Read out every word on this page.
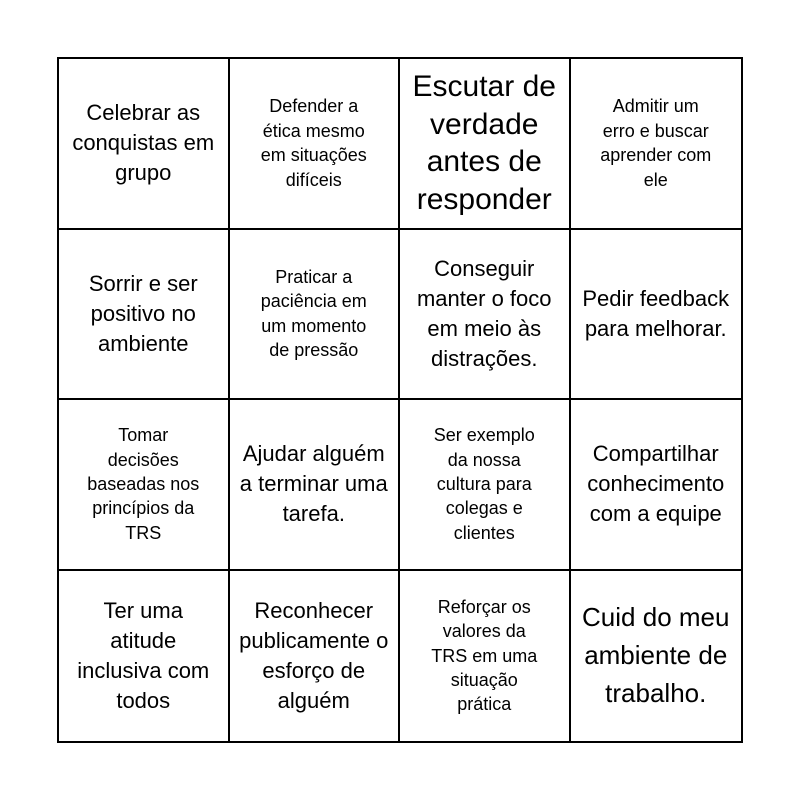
Celebrar as conquistas em grupo
Defender a ética mesmo em situações difíceis
Escutar de verdade antes de responder
Admitir um erro e buscar aprender com ele
Sorrir e ser positivo no ambiente
Praticar a paciência em um momento de pressão
Conseguir manter o foco em meio às distrações.
Pedir feedback para melhorar.
Tomar decisões baseadas nos princípios da TRS
Ajudar alguém a terminar uma tarefa.
Ser exemplo da nossa cultura para colegas e clientes
Compartilhar conhecimento com a equipe
Ter uma atitude inclusiva com todos
Reconhecer publicamente o esforço de alguém
Reforçar os valores da TRS em uma situação prática
Cuid do meu ambiente de trabalho.
